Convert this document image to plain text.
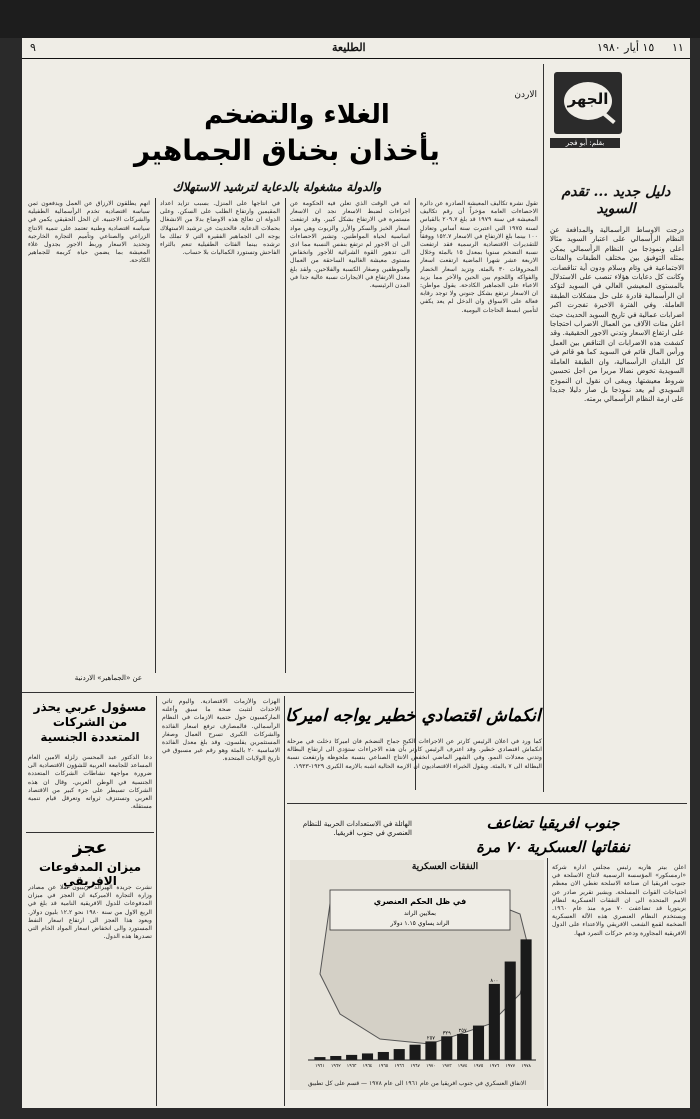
٩	الطليعة	١٥ أيار ١٩٨٠ ١١
الجهر
بقلم: أبو فجر
دليل جديد ... تقدم السويد
درجت الاوساط الرأسمالية والمدافعة عن النظام الرأسمالي على اعتبار السويد مثالا أعلى ونموذجا من النظام الرأسمالي يمكن بمثله التوفيق بين مختلف الطبقات والفئات الاجتماعية في وئام وسلام ودون أية تناقضات. وكانت كل دعايات هؤلاء تنصب على الاستدلال بالمستوى المعيشي العالي في السويد لتؤكد ان الرأسمالية قادرة على حل مشكلات الطبقة العاملة. وفي الفترة الاخيرة تفجرت اكبر اضرابات عمالية في تاريخ السويد الحديث حيث اعلن مئات الآلاف من العمال الاضراب احتجاجا على ارتفاع الاسعار وتدني الاجور الحقيقية. وقد كشفت هذه الاضرابات ان التناقض بين العمل ورأس المال قائم في السويد كما هو قائم في كل البلدان الرأسمالية، وان الطبقة العاملة السويدية تخوض نضالا مريرا من اجل تحسين شروط معيشتها. ويبقى ان نقول ان النموذج السويدي لم يعد نموذجا بل صار دليلا جديدا على ازمة النظام الرأسمالي برمته.
الاردن
الغلاء والتضخم
يأخذان بخناق الجماهير
والدولة مشغولة بالدعاية لترشيد الاستهلاك
تقول نشرة تكاليف المعيشة الصادرة عن دائرة الاحصاءات العامة مؤخراً أن رقم تكاليف المعيشة في سنة ١٩٧٩ قد بلغ ٢٠٩.٧ بالقياس لسنة ١٩٧٥ التي اعتبرت سنة أساس وتعادل ١٠٠ بينما بلغ الارتفاع في الاسعار ١٥٢.٧ ووفقاً للتقديرات الاقتصادية الرسمية فقد ارتفعت نسبة التضخم سنويا بمعدل ١٥ بالمئة وخلال الاربعة عشر شهرا الماضية ارتفعت اسعار المحروقات ٣٠ بالمئة. وتزيد اسعار الخضار والفواكه واللحوم بين الحين والآخر مما يزيد الاعباء على الجماهير الكادحة. يقول مواطن: ان الاسعار ترتفع بشكل جنوني ولا توجد رقابة فعالة على الاسواق وان الدخل لم يعد يكفي لتأمين ابسط الحاجات اليومية.
انه في الوقت الذي تعلن فيه الحكومة عن اجراءات لضبط الاسعار نجد ان الاسعار مستمرة في الارتفاع بشكل كبير. وقد ارتفعت اسعار الخبز والسكر والأرز والزيوت وهي مواد اساسية لحياة المواطنين. وتشير الاحصاءات الى ان الاجور لم ترتفع بنفس النسبة مما ادى الى تدهور القوة الشرائية للأجور وانخفاض مستوى معيشة الغالبية الساحقة من العمال والموظفين وصغار الكسبة والفلاحين. ولقد بلغ معدل الارتفاع في الايجارات نسبة عالية جدا في المدن الرئيسية.
في انتاجها على المنزل. بسبب تزايد اعداد المقيمين وارتفاع الطلب على السكن. وعلى الدولة ان تعالج هذه الاوضاع بدلا من الانشغال بحملات الدعاية. فالحديث عن ترشيد الاستهلاك يوجه الى الجماهير الفقيرة التي لا تملك ما ترشده بينما الفئات الطفيلية تنعم بالثراء الفاحش وتستورد الكماليات بلا حساب.
انهم يطلقون الارزاق عن العمل ويدفعون ثمن سياسة اقتصادية تخدم الرأسمالية الطفيلية والشركات الاجنبية. ان الحل الحقيقي يكمن في سياسة اقتصادية وطنية تعتمد على تنمية الانتاج الزراعي والصناعي وتأميم التجارة الخارجية وتحديد الاسعار وربط الاجور بجدول غلاء المعيشة بما يضمن حياة كريمة للجماهير الكادحة.
عن «الجماهير» الاردنية
انكماش اقتصادي خطير يواجه اميركا
كما ورد في اعلان الرئيس كارتر عن الاجراءات الكبح جماح التضخم فان اميركا دخلت في مرحلة انكماش اقتصادي خطير. وقد اعترف الرئيس كارتر بأن هذه الاجراءات ستؤدي الى ارتفاع البطالة وتدني معدلات النمو. وفي الشهر الماضي انخفض الانتاج الصناعي بنسبة ملحوظة وارتفعت نسبة البطالة الى ٧ بالمئة. ويقول الخبراء الاقتصاديون ان الازمة الحالية اشبه بالازمة الكبرى ١٩٢٩-١٩٣٣.
الهزات والأزمات الاقتصادية. واليوم تأتي الاحداث لتثبت صحة ما سبق وأعلنه الماركسيون حول حتمية الازمات في النظام الرأسمالي. فالمصارف ترفع اسعار الفائدة والشركات الكبرى تسرح العمال وصغار المستثمرين يفلسون. وقد بلغ معدل الفائدة الاساسية ٢٠ بالمئة وهو رقم غير مسبوق في تاريخ الولايات المتحدة.
مسؤول عربي يحذر من الشركات المتعددة الجنسية
دعا الدكتور عبد المحسن زلزلة الامين العام المساعد للجامعة العربية للشؤون الاقتصادية الى ضرورة مواجهة نشاطات الشركات المتعددة الجنسية في الوطن العربي. وقال ان هذه الشركات تسيطر على جزء كبير من الاقتصاد العربي وتستنزف ثرواته وتعرقل قيام تنمية مستقلة.
عجز
ميزان المدفوعات الافريقي
نشرت جريدة الهيرالد تريبيون نقلا عن مصادر وزارة التجارة الاميركية ان العجز في ميزان المدفوعات للدول الافريقية النامية قد بلغ في الربع الاول من سنة ١٩٨٠ نحو ١٢.٢ بليون دولار. ويعود هذا العجز الى ارتفاع اسعار النفط المستورد والى انخفاض اسعار المواد الخام التي تصدرها هذه الدول.
جنوب افريقيا تضاعف
نفقاتها العسكرية ٧٠ مرة
الهائلة في الاستعدادات الحربية للنظام العنصري في جنوب افريقيا.
اعلن بيتر هاريه رئيس مجلس ادارة شركة «ارمسكور» المؤسسة الرسمية لانتاج الاسلحة في جنوب افريقيا ان صناعة الاسلحة تغطي الان معظم احتياجات القوات المسلحة. ويشير تقرير صادر عن الامم المتحدة الى ان النفقات العسكرية لنظام بريتوريا قد تضاعفت ٧٠ مرة منذ عام ١٩٦٠. ويستخدم النظام العنصري هذه الآلة العسكرية الضخمة لقمع الشعب الافريقي والاعتداء على الدول الافريقية المجاورة ودعم حركات التمرد فيها.
النفقات العسكرية
في ظل الحكم العنصري
بملايين الراند
الراند يساوي ١.١٥ دولار
١٩٦١ ١٩٦٢ ١٩٦٣ ١٩٦٤ ١٩٦٥ ١٩٦٦ ١٩٦٧ ١٩٧٠ ١٩٧٣ ١٩٧٤ ١٩٧٥ ١٩٧٦ ١٩٧٧ ١٩٧٨
٢٥٧
٣٢٩ ٢٥٧
٨٠٠
الانفاق العسكري في جنوب افريقيا من عام ١٩٦١ الى عام ١٩٧٨ — قسم على كل تطبيق
